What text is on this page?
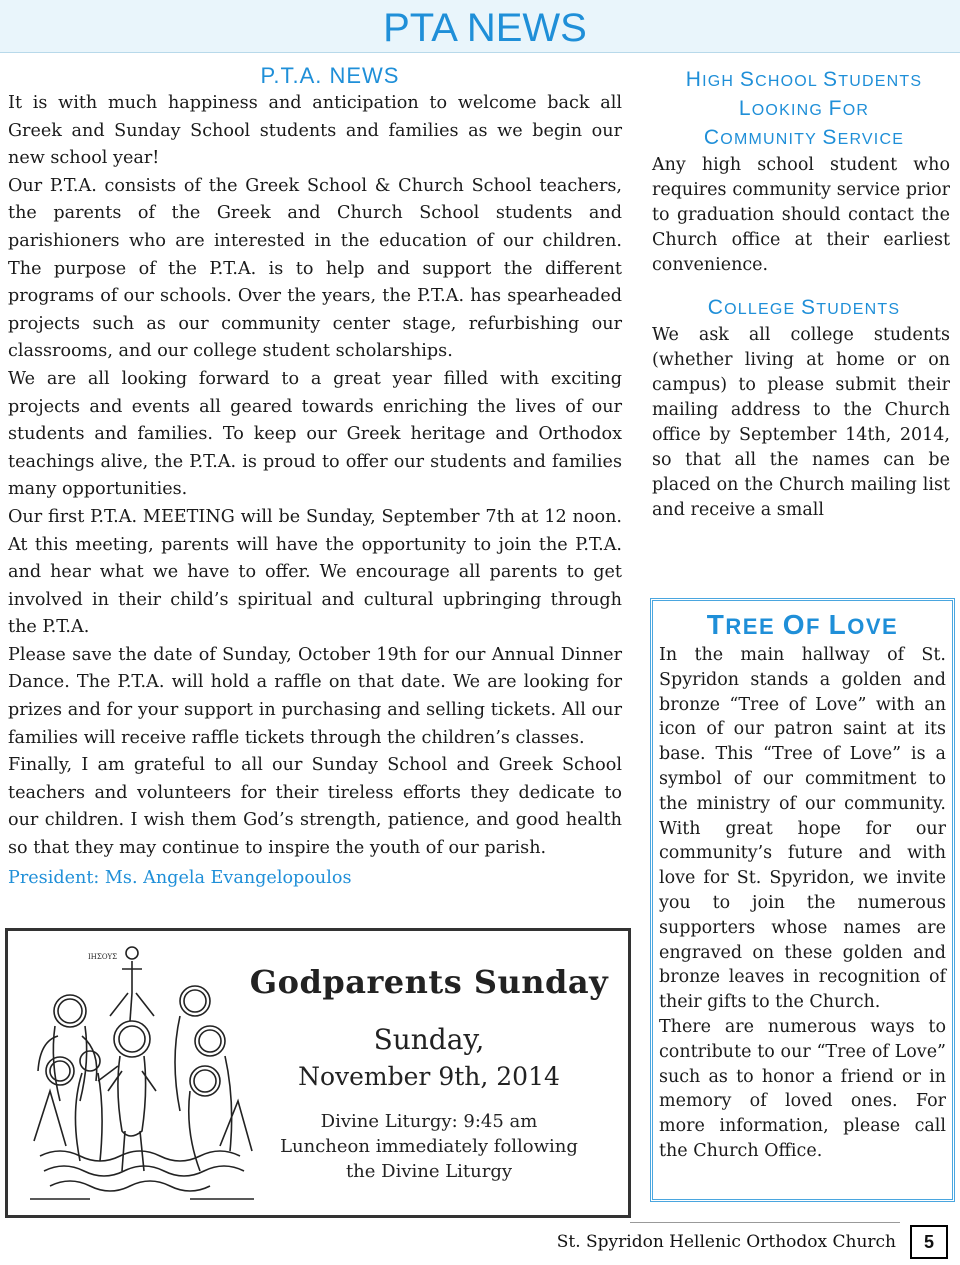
PTA NEWS
P.T.A. NEWS

It is with much happiness and anticipation to welcome back all Greek and Sunday School students and families as we begin our new school year!

Our P.T.A. consists of the Greek School & Church School teachers, the parents of the Greek and Church School students and parishioners who are interested in the education of our children. The purpose of the P.T.A. is to help and support the different programs of our schools. Over the years, the P.T.A. has spearheaded projects such as our community center stage, refurbishing our classrooms, and our college student scholarships.

We are all looking forward to a great year filled with exciting projects and events all geared towards enriching the lives of our students and families. To keep our Greek heritage and Orthodox teachings alive, the P.T.A. is proud to offer our students and families many opportunities.

Our first P.T.A. MEETING will be Sunday, September 7th at 12 noon. At this meeting, parents will have the opportunity to join the P.T.A. and hear what we have to offer. We encourage all parents to get involved in their child’s spiritual and cultural upbringing through the P.T.A.

Please save the date of Sunday, October 19th for our Annual Dinner Dance. The P.T.A. will hold a raffle on that date. We are looking for prizes and for your support in purchasing and selling tickets. All our families will receive raffle tickets through the children’s classes.

Finally, I am grateful to all our Sunday School and Greek School teachers and volunteers for their tireless efforts they dedicate to our children. I wish them God’s strength, patience, and good health so that they may continue to inspire the youth of our parish.

President: Ms. Angela Evangelopoulos

ΙΗΣΟΥΣ
Godparents Sunday
Sunday,
November 9th, 2014
Divine Liturgy: 9:45 am
Luncheon immediately following
the Divine Liturgy
HIGH SCHOOL STUDENTS
LOOKING FOR
COMMUNITY SERVICE

Any high school student who requires community service prior to graduation should contact the Church office at their earliest convenience.

COLLEGE STUDENTS

We ask all college students (whether living at home or on campus) to please submit their mailing address to the Church office by September 14th, 2014, so that all the names can be placed on the Church mailing list and receive a small

TREE OF LOVE

In the main hallway of St. Spyridon stands a golden and bronze “Tree of Love” with an icon of our patron saint at its base. This “Tree of Love” is a symbol of our commitment to the ministry of our community. With great hope for our community’s future and with love for St. Spyridon, we invite you to join the numerous supporters whose names are engraved on these golden and bronze leaves in recognition of their gifts to the Church.

There are numerous ways to contribute to our “Tree of Love” such as to honor a friend or in memory of loved ones. For more information, please call the Church Office.

St. Spyridon Hellenic Orthodox Church	5
